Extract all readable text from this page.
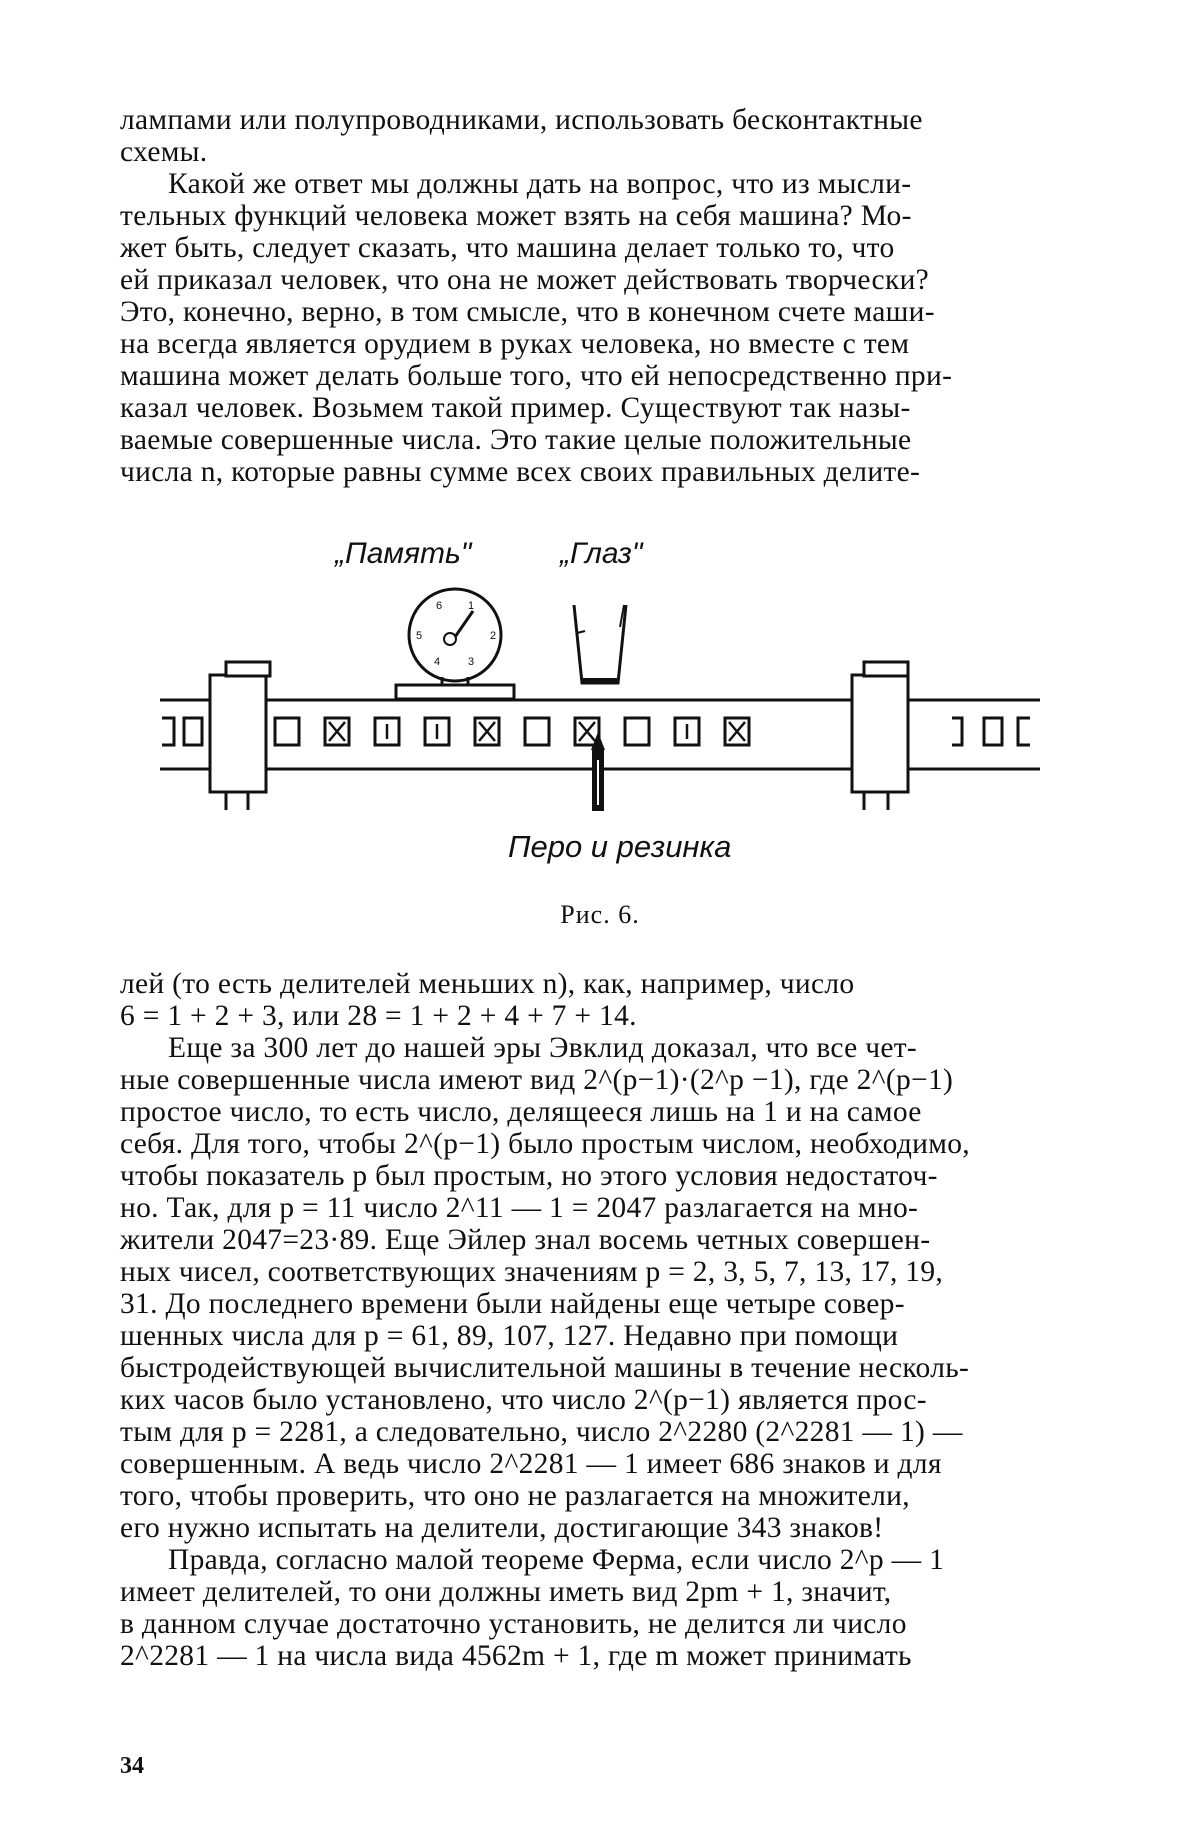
лампами или полупроводниками, использовать бесконтактные
схемы.

Какой же ответ мы должны дать на вопрос, что из мысли-
тельных функций человека может взять на себя машина? Мо-
жет быть, следует сказать, что машина делает только то, что
ей приказал человек, что она не может действовать творчески?
Это, конечно, верно, в том смысле, что в конечном счете маши-
на всегда является орудием в руках человека, но вместе с тем
машина может делать больше того, что ей непосредственно при-
казал человек. Возьмем такой пример. Существуют так назы-
ваемые совершенные числа. Это такие целые положительные
числа n, которые равны сумме всех своих правильных делите-

„Память"	„Глаз"
1
2
3
4
5
6
Перо и резинка
Рис. 6.

лей (то есть делителей меньших n), как, например, число
6 = 1 + 2 + 3, или 28 = 1 + 2 + 4 + 7 + 14.

Еще за 300 лет до нашей эры Эвклид доказал, что все чет-
ные совершенные числа имеют вид 2^(p−1)·(2^p −1), где 2^(p−1)
простое число, то есть число, делящееся лишь на 1 и на самое
себя. Для того, чтобы 2^(p−1) было простым числом, необходимо,
чтобы показатель p был простым, но этого условия недостаточ-
но. Так, для p = 11 число 2^11 — 1 = 2047 разлагается на мно-
жители 2047=23·89. Еще Эйлер знал восемь четных совершен-
ных чисел, соответствующих значениям p = 2, 3, 5, 7, 13, 17, 19,
31. До последнего времени были найдены еще четыре совер-
шенных числа для p = 61, 89, 107, 127. Недавно при помощи
быстродействующей вычислительной машины в течение несколь-
ких часов было установлено, что число 2^(p−1) является прос-
тым для p = 2281, а следовательно, число 2^2280 (2^2281 — 1) —
совершенным. А ведь число 2^2281 — 1 имеет 686 знаков и для
того, чтобы проверить, что оно не разлагается на множители,
его нужно испытать на делители, достигающие 343 знаков!

Правда, согласно малой теореме Ферма, если число 2^p — 1
имеет делителей, то они должны иметь вид 2pm + 1, значит,
в данном случае достаточно установить, не делится ли число
2^2281 — 1 на числа вида 4562m + 1, где m может принимать

34
